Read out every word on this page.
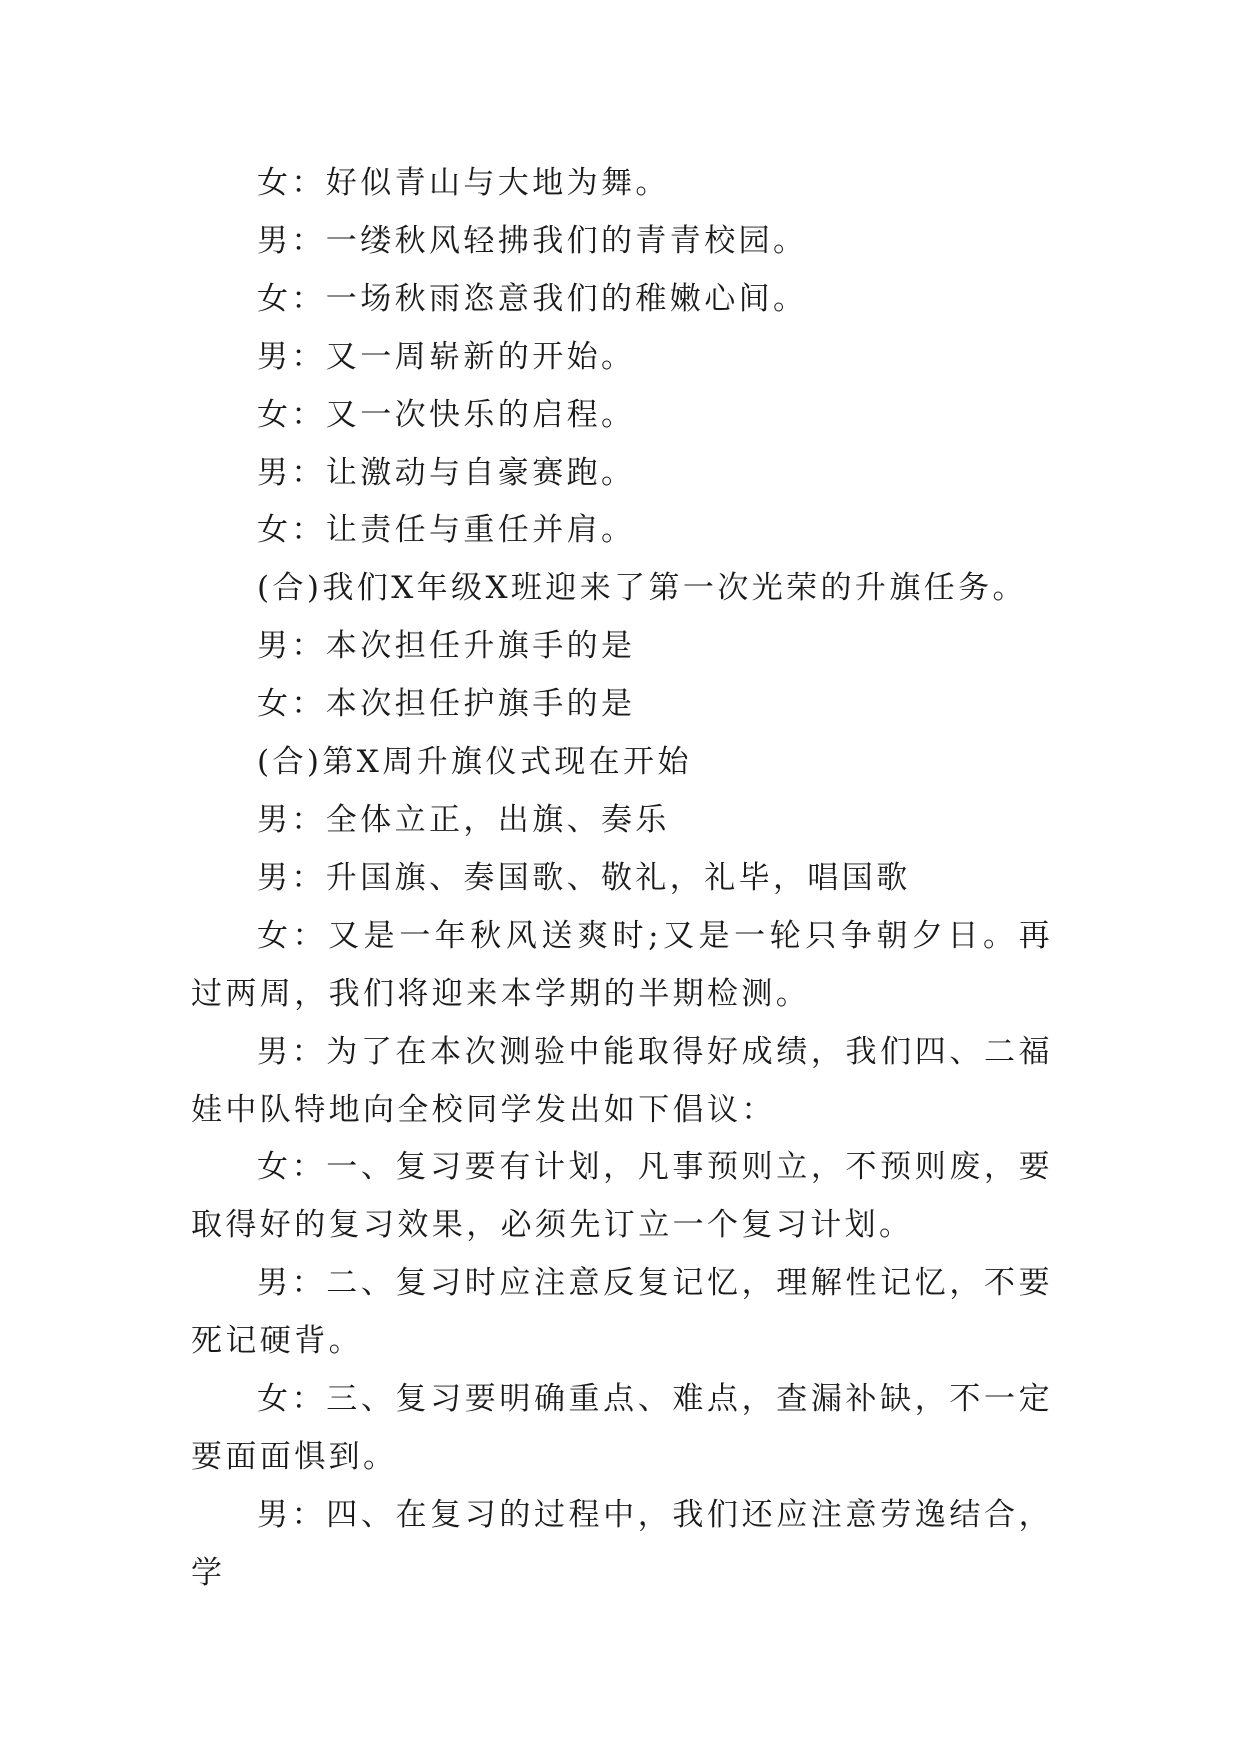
女：好似青山与大地为舞。

男：一缕秋风轻拂我们的青青校园。

女：一场秋雨恣意我们的稚嫩心间。

男：又一周崭新的开始。

女：又一次快乐的启程。

男：让激动与自豪赛跑。

女：让责任与重任并肩。

(合)我们X年级X班迎来了第一次光荣的升旗任务。

男：本次担任升旗手的是

女：本次担任护旗手的是

(合)第X周升旗仪式现在开始

男：全体立正，出旗、奏乐

男：升国旗、奏国歌、敬礼，礼毕，唱国歌

女：又是一年秋风送爽时;又是一轮只争朝夕日。再过两周，我们将迎来本学期的半期检测。

男：为了在本次测验中能取得好成绩，我们四、二福娃中队特地向全校同学发出如下倡议：

女：一、复习要有计划，凡事预则立，不预则废，要取得好的复习效果，必须先订立一个复习计划。

男：二、复习时应注意反复记忆，理解性记忆，不要死记硬背。

女：三、复习要明确重点、难点，查漏补缺，不一定要面面惧到。

男：四、在复习的过程中，我们还应注意劳逸结合，学
